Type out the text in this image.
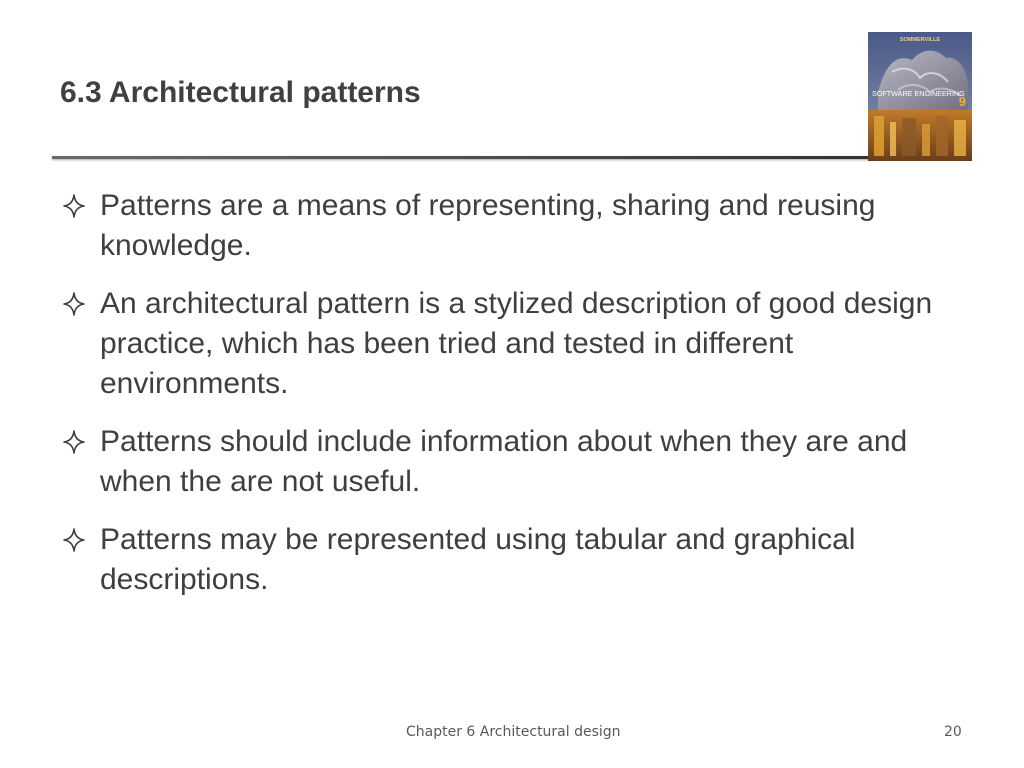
6.3 Architectural patterns
SOMMERVILLE
SOFTWARE ENGINEERING
9
Patterns are a means of representing, sharing and reusing knowledge.
An architectural pattern is a stylized description of good design practice, which has been tried and tested in different environments.
Patterns should include information about when they are and when the are not useful.
Patterns may be represented using tabular and graphical descriptions.
Chapter 6 Architectural design	20
